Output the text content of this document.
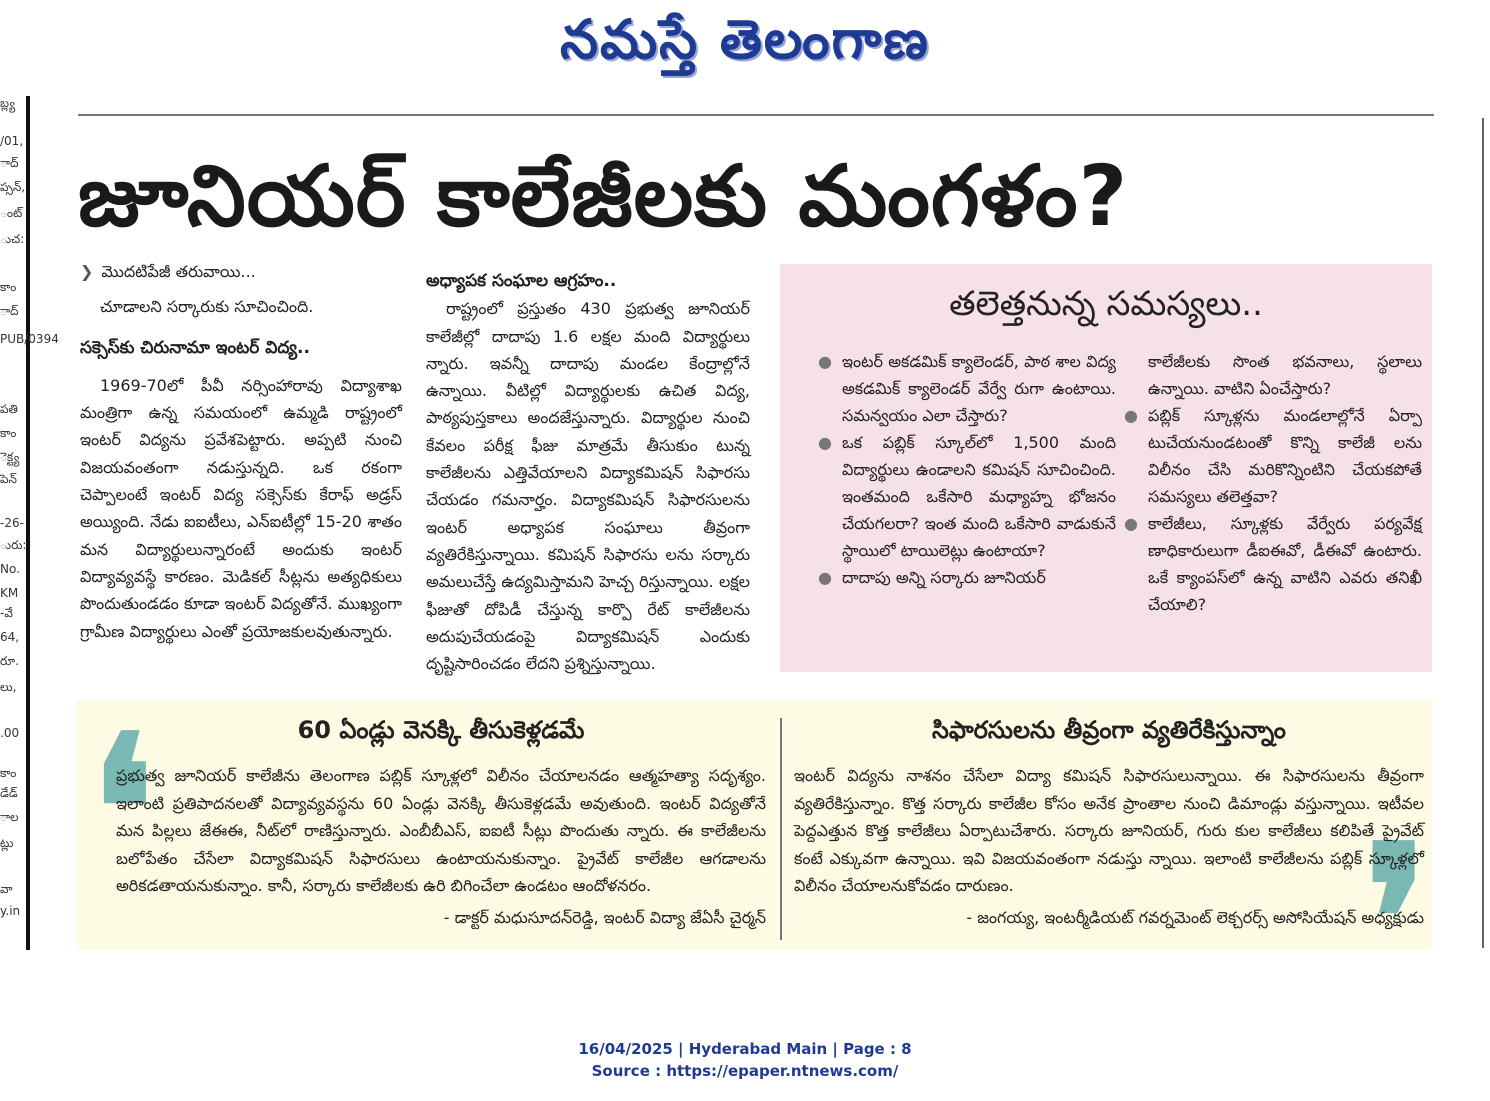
నమస్తే తెలంగాణ
బ్ల్య
/01,
ాద్
ప్సన్,
ంట్
ుచ:
కాం
ాద్
PUB/0394
పతి
కాం
ెక్ట్య
పెన్
-26-
ురు:
No.
KM
-వే
64,
రూ.
లు,
.00
కాం
డేడ్
ాల
ట్లు
వా
y.in
జూనియర్ కాలేజీలకు మంగళం?

❯ మొదటిపేజీ తరువాయి...

చూడాలని సర్కారుకు సూచించింది.

సక్సెస్‌కు చిరునామా ఇంటర్ విద్య..

1969-70లో పీవీ నర్సింహారావు విద్యాశాఖ మంత్రిగా ఉన్న సమయంలో ఉమ్మడి రాష్ట్రంలో ఇంటర్ విద్యను ప్రవేశపెట్టారు. అప్పటి నుంచి విజయవంతంగా నడుస్తున్నది. ఒక రకంగా చెప్పాలంటే ఇంటర్ విద్య సక్సెస్‌కు కేరాఫ్ అడ్రస్ అయ్యింది. నేడు ఐఐటీలు, ఎన్ఐటీల్లో 15-20 శాతం మన విద్యార్థులున్నారంటే అందుకు ఇంటర్ విద్యావ్యవస్థే కారణం. మెడికల్ సీట్లను అత్యధికులు పొందుతుండడం కూడా ఇంటర్ విద్యతోనే. ముఖ్యంగా గ్రామీణ విద్యార్థులు ఎంతో ప్రయోజకులవుతున్నారు.

అధ్యాపక సంఘాల ఆగ్రహం..

రాష్ట్రంలో ప్రస్తుతం 430 ప్రభుత్వ జూనియర్ కాలేజీల్లో దాదాపు 1.6 లక్షల మంది విద్యార్థులు న్నారు. ఇవన్నీ దాదాపు మండల కేంద్రాల్లోనే ఉన్నాయి. వీటిల్లో విద్యార్థులకు ఉచిత విద్య, పాఠ్యపుస్తకాలు అందజేస్తున్నారు. విద్యార్థుల నుంచి కేవలం పరీక్ష ఫీజు మాత్రమే తీసుకుం టున్న కాలేజీలను ఎత్తివేయాలని విద్యాకమిషన్ సిఫారసు చేయడం గమనార్హం. విద్యాకమిషన్ సిఫారసులను ఇంటర్ అధ్యాపక సంఘాలు తీవ్రంగా వ్యతిరేకిస్తున్నాయి. కమిషన్ సిఫారసు లను సర్కారు అమలుచేస్తే ఉద్యమిస్తామని హెచ్చ రిస్తున్నాయి. లక్షల ఫీజుతో దోపిడీ చేస్తున్న కార్పొ రేట్ కాలేజీలను అదుపుచేయడంపై విద్యాకమిషన్ ఎందుకు దృష్టిసారించడం లేదని ప్రశ్నిస్తున్నాయి.

తలెత్తనున్న సమస్యలు..
● ఇంటర్ అకడమిక్ క్యాలెండర్, పాఠ శాల విద్య అకడమిక్ క్యాలెండర్ వేర్వే రుగా ఉంటాయి. సమన్వయం ఎలా చేస్తారు?
● ఒక పబ్లిక్ స్కూల్‌లో 1,500 మంది విద్యార్థులు ఉండాలని కమిషన్ సూచించింది. ఇంతమంది ఒకేసారి మధ్యాహ్న భోజనం చేయగలరా? ఇంత మంది ఒకేసారి వాడుకునే స్థాయిలో టాయిలెట్లు ఉంటాయా?
● దాదాపు అన్ని సర్కారు జూనియర్
కాలేజీలకు సొంత భవనాలు, స్థలాలు ఉన్నాయి. వాటిని ఏంచేస్తారు?
● పబ్లిక్ స్కూళ్లను మండలాల్లోనే ఏర్పా టుచేయనుండటంతో కొన్ని కాలేజీ లను విలీనం చేసి మరికొన్నింటిని చేయకపోతే సమస్యలు తలెత్తవా?
● కాలేజీలు, స్కూళ్లకు వేర్వేరు పర్యవేక్ష ణాధికారులుగా డీఐఈవో, డీఈవో ఉంటారు. ఒకే క్యాంపస్‌లో ఉన్న వాటిని ఎవరు తనిఖీ చేయాలి?
❛	❜
60 ఏండ్లు వెనక్కి తీసుకెళ్లడమే
ప్రభుత్వ జూనియర్ కాలేజీను తెలంగాణ పబ్లిక్ స్కూళ్లలో విలీనం చేయాలనడం ఆత్మహత్యా సదృశ్యం. ఇలాంటి ప్రతిపాదనలతో విద్యావ్యవస్థను 60 ఏండ్లు వెనక్కి తీసుకెళ్లడమే అవుతుంది. ఇంటర్ విద్యతోనే మన పిల్లలు జేఈఈ, నీట్‌లో రాణిస్తున్నారు. ఎంబీబీఎస్, ఐఐటీ సీట్లు పొందుతు న్నారు. ఈ కాలేజీలను బలోపేతం చేసేలా విద్యాకమిషన్ సిఫారసులు ఉంటాయనుకున్నాం. ప్రైవేట్ కాలేజీల ఆగడాలను అరికడతాయనుకున్నాం. కానీ, సర్కారు కాలేజీలకు ఉరి బిగించేలా ఉండటం ఆందోళనరం.
- డాక్టర్ మధుసూదన్‌రెడ్డి, ఇంటర్ విద్యా జేఏసీ చైర్మన్
సిఫారసులను తీవ్రంగా వ్యతిరేకిస్తున్నాం
ఇంటర్ విద్యను నాశనం చేసేలా విద్యా కమిషన్ సిఫారసులున్నాయి. ఈ సిఫారసులను తీవ్రంగా వ్యతిరేకిస్తున్నాం. కొత్త సర్కారు కాలేజీల కోసం అనేక ప్రాంతాల నుంచి డిమాండ్లు వస్తున్నాయి. ఇటీవల పెద్దఎత్తున కొత్త కాలేజీలు ఏర్పాటుచేశారు. సర్కారు జూనియర్, గురు కుల కాలేజీలు కలిపితే ప్రైవేట్ కంటే ఎక్కువగా ఉన్నాయి. ఇవి విజయవంతంగా నడుస్తు న్నాయి. ఇలాంటి కాలేజీలను పబ్లిక్ స్కూళ్లలో విలీనం చేయాలనుకోవడం దారుణం.
- జంగయ్య, ఇంటర్మీడియట్ గవర్నమెంట్ లెక్చరర్స్ అసోసియేషన్ అధ్యక్షుడు
16/04/2025 | Hyderabad Main | Page : 8
Source : https://epaper.ntnews.com/
